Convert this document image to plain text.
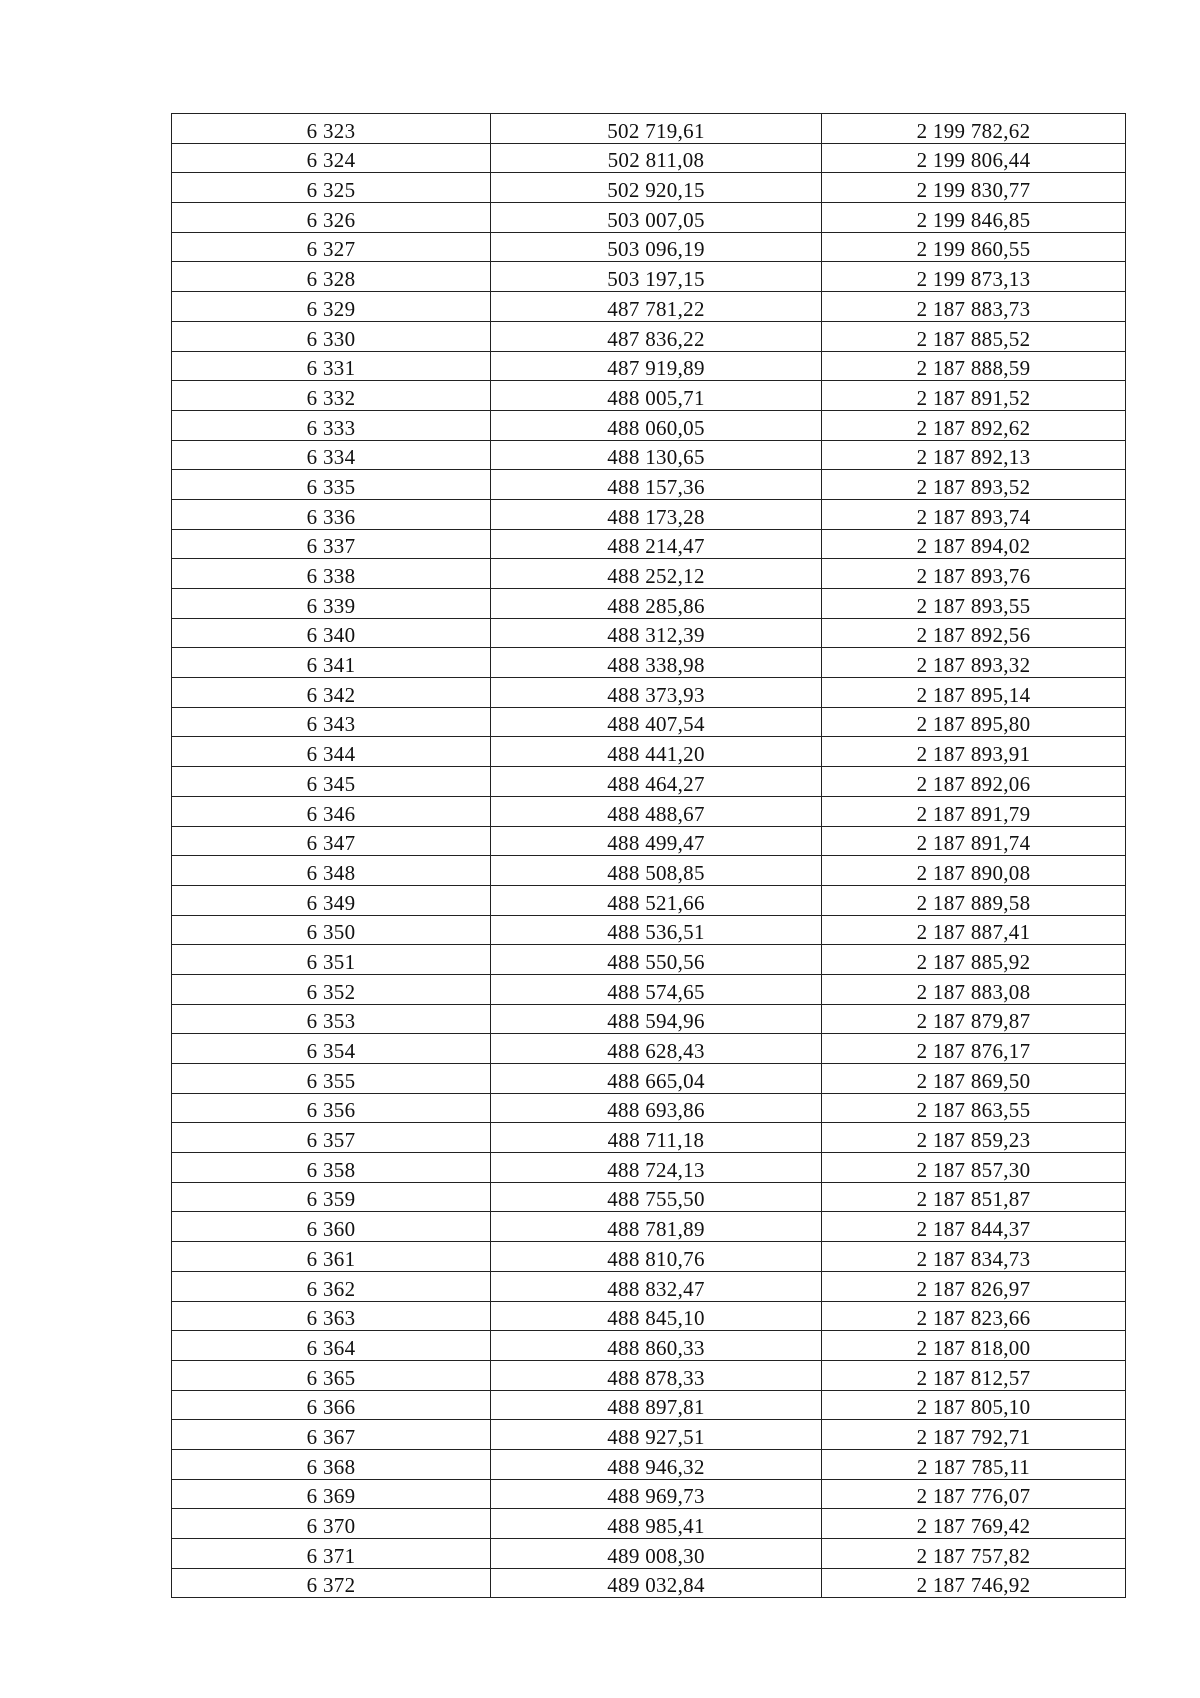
6 323	502 719,61	2 199 782,62
6 324	502 811,08	2 199 806,44
6 325	502 920,15	2 199 830,77
6 326	503 007,05	2 199 846,85
6 327	503 096,19	2 199 860,55
6 328	503 197,15	2 199 873,13
6 329	487 781,22	2 187 883,73
6 330	487 836,22	2 187 885,52
6 331	487 919,89	2 187 888,59
6 332	488 005,71	2 187 891,52
6 333	488 060,05	2 187 892,62
6 334	488 130,65	2 187 892,13
6 335	488 157,36	2 187 893,52
6 336	488 173,28	2 187 893,74
6 337	488 214,47	2 187 894,02
6 338	488 252,12	2 187 893,76
6 339	488 285,86	2 187 893,55
6 340	488 312,39	2 187 892,56
6 341	488 338,98	2 187 893,32
6 342	488 373,93	2 187 895,14
6 343	488 407,54	2 187 895,80
6 344	488 441,20	2 187 893,91
6 345	488 464,27	2 187 892,06
6 346	488 488,67	2 187 891,79
6 347	488 499,47	2 187 891,74
6 348	488 508,85	2 187 890,08
6 349	488 521,66	2 187 889,58
6 350	488 536,51	2 187 887,41
6 351	488 550,56	2 187 885,92
6 352	488 574,65	2 187 883,08
6 353	488 594,96	2 187 879,87
6 354	488 628,43	2 187 876,17
6 355	488 665,04	2 187 869,50
6 356	488 693,86	2 187 863,55
6 357	488 711,18	2 187 859,23
6 358	488 724,13	2 187 857,30
6 359	488 755,50	2 187 851,87
6 360	488 781,89	2 187 844,37
6 361	488 810,76	2 187 834,73
6 362	488 832,47	2 187 826,97
6 363	488 845,10	2 187 823,66
6 364	488 860,33	2 187 818,00
6 365	488 878,33	2 187 812,57
6 366	488 897,81	2 187 805,10
6 367	488 927,51	2 187 792,71
6 368	488 946,32	2 187 785,11
6 369	488 969,73	2 187 776,07
6 370	488 985,41	2 187 769,42
6 371	489 008,30	2 187 757,82
6 372	489 032,84	2 187 746,92
